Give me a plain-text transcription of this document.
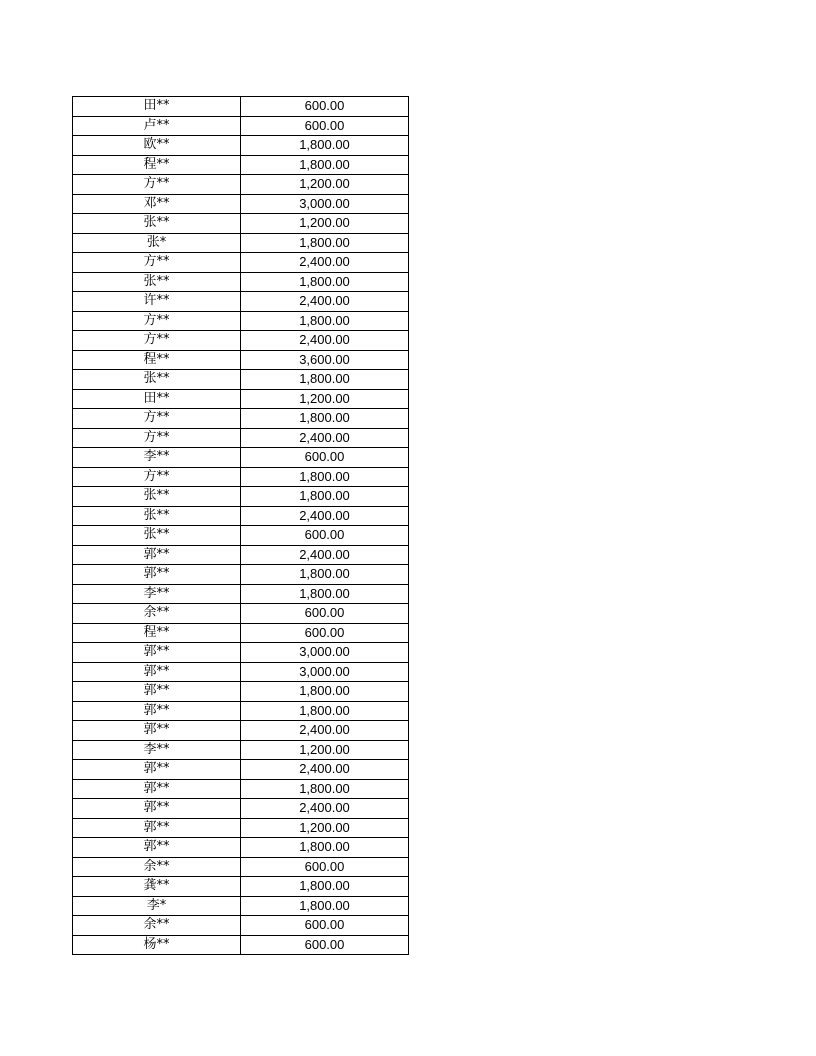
田**	600.00
卢**	600.00
欧**	1,800.00
程**	1,800.00
方**	1,200.00
邓**	3,000.00
张**	1,200.00
张*	1,800.00
方**	2,400.00
张**	1,800.00
许**	2,400.00
方**	1,800.00
方**	2,400.00
程**	3,600.00
张**	1,800.00
田**	1,200.00
方**	1,800.00
方**	2,400.00
李**	600.00
方**	1,800.00
张**	1,800.00
张**	2,400.00
张**	600.00
郭**	2,400.00
郭**	1,800.00
李**	1,800.00
余**	600.00
程**	600.00
郭**	3,000.00
郭**	3,000.00
郭**	1,800.00
郭**	1,800.00
郭**	2,400.00
李**	1,200.00
郭**	2,400.00
郭**	1,800.00
郭**	2,400.00
郭**	1,200.00
郭**	1,800.00
余**	600.00
龚**	1,800.00
李*	1,800.00
余**	600.00
杨**	600.00
